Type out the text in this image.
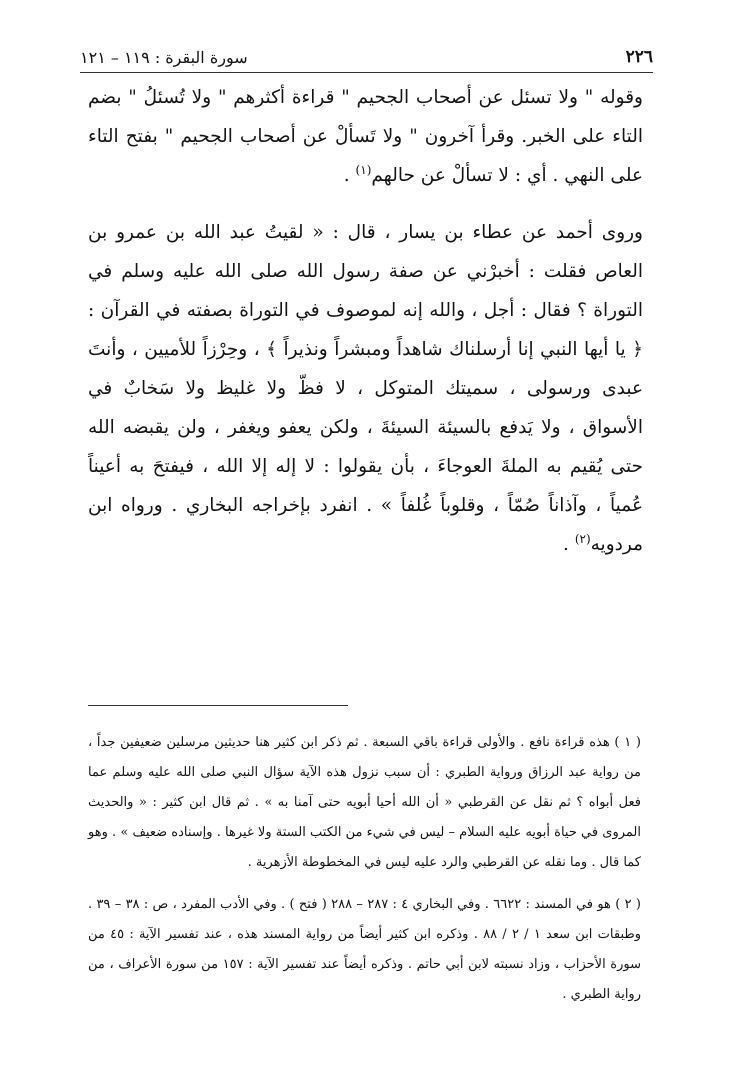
٢٢٦
سورة البقرة : ١١٩ – ١٢١

وقوله " ولا تسئل عن أصحاب الجحيم " قراءة أكثرهم " ولا تُسئلُ " بضم التاء على الخبر. وقرأ آخرون " ولا تَسألْ عن أصحاب الجحيم " بفتح التاء على النهي . أي : لا تسألْ عن حالهم$^{(١)}$ .

وروى أحمد عن عطاء بن يسار ، قال : « لقيتُ عبد الله بن عمرو بن العاص فقلت : أخبرْني عن صفة رسول الله صلى الله عليه وسلم في التوراة ؟ فقال : أجل ، والله إنه لموصوف في التوراة بصفته في القرآن : ﴿ يا أيها النبي إنا أرسلناك شاهداً ومبشراً ونذيراً ﴾ ، وحِرْزاً للأميين ، وأنتَ عبدى ورسولى ، سميتك المتوكل ، لا فظّ ولا غليظ ولا سَخابٌ في الأسواق ، ولا يَدفع بالسيئة السيئةَ ، ولكن يعفو ويغفر ، ولن يقبضه الله حتى يُقيم به الملةَ العوجاءَ ، بأن يقولوا : لا إله إلا الله ، فيفتحَ به أعيناً عُمياً ، وآذاناً صُمّاً ، وقلوباً غُلفاً » . انفرد بإخراجه البخاري . ورواه ابن مردويه$^{(٢)}$ .

( ١ ) هذه قراءة نافع . والأولى قراءة باقي السبعة . ثم ذكر ابن كثير هنا حديثين مرسلين ضعيفين جداً ، من رواية عبد الرزاق ورواية الطبري : أن سبب نزول هذه الآية سؤال النبي صلى الله عليه وسلم عما فعل أبواه ؟ ثم نقل عن القرطبي « أن الله أحيا أبويه حتى آمنا به » . ثم قال ابن كثير : « والحديث المروى في حياة أبويه عليه السلام – ليس في شيء من الكتب الستة ولا غيرها . وإسناده ضعيف » . وهو كما قال . وما نقله عن القرطبي والرد عليه ليس في المخطوطة الأزهرية .

( ٢ ) هو في المسند : ٦٦٢٢ . وفي البخاري ٤ : ٢٨٧ – ٢٨٨ ( فتح ) . وفي الأدب المفرد ، ص : ٣٨ – ٣٩ . وطبقات ابن سعد ١ / ٢ / ٨٨ . وذكره ابن كثير أيضاً من رواية المسند هذه ، عند تفسير الآية : ٤٥ من سورة الأحزاب ، وزاد نسبته لابن أبي حاتم . وذكره أيضاً عند تفسير الآية : ١٥٧ من سورة الأعراف ، من رواية الطبري .
